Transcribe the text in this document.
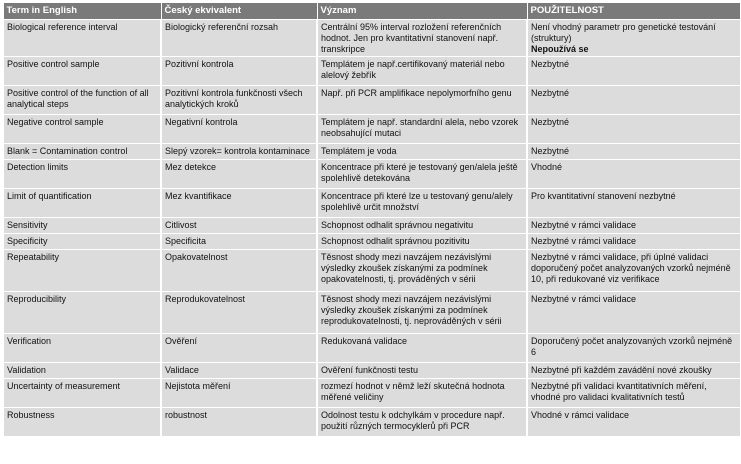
Term in English	Český ekvivalent	Význam	POUŽITELNOST
Biological reference interval	Biologický referenční rozsah	Centrální 95% interval rozložení referenčních hodnot. Jen pro kvantitativní stanovení např. transkripce	Není vhodný parametr pro genetické testování (struktury)
Nepoužívá se

Positive control sample	Pozitivní kontrola	Templátem je např.certifikovaný materiál nebo alelový žebřík	Nezbytné
Positive control of the function of all analytical steps	Pozitivní kontrola funkčnosti všech analytických kroků	Např. při PCR amplifikace nepolymorfního genu	Nezbytné
Negative control sample	Negativní kontrola	Templátem je např. standardní alela, nebo vzorek neobsahující mutaci	Nezbytné
Blank = Contamination control	Slepý vzorek= kontrola kontaminace	Templátem je voda	Nezbytné
Detection limits	Mez detekce	Koncentrace při které je testovaný gen/alela ještě spolehlivě detekována	Vhodné
Limit of quantification	Mez kvantifikace	Koncentrace při které lze u testovaný genu/alely spolehlivě určit množství	Pro kvantitativní stanovení nezbytné
Sensitivity	Citlivost	Schopnost odhalit správnou negativitu	Nezbytné v rámci validace
Specificity	Specificita	Schopnost odhalit správnou pozitivitu	Nezbytné v rámci validace
Repeatability	Opakovatelnost	Těsnost shody mezi navzájem nezávislými výsledky zkoušek získanými za podmínek opakovatelnosti, tj. prováděných v sérii	Nezbytné v rámci validace, při úplné validaci doporučený počet analyzovaných vzorků nejméně 10, při redukované viz verifikace
Reproducibility	Reprodukovatelnost	Těsnost shody mezi navzájem nezávislými výsledky zkoušek získanými za podmínek reprodukovatelnosti, tj. neprováděných v sérii	Nezbytné v rámci validace
Verification	Ověření	Redukovaná validace	Doporučený počet analyzovaných vzorků nejméně 6
Validation	Validace	Ověření funkčnosti testu	Nezbytné při každém zavádění nové zkoušky
Uncertainty of measurement	Nejistota měření	rozmezí hodnot v němž leží skutečná hodnota měřené veličiny	Nezbytné při validaci kvantitativních měření, vhodné pro validaci kvalitativních testů
Robustness	robustnost	Odolnost testu k odchylkám v procedure např. použití různých termocyklerů při PCR	Vhodné v rámci validace
